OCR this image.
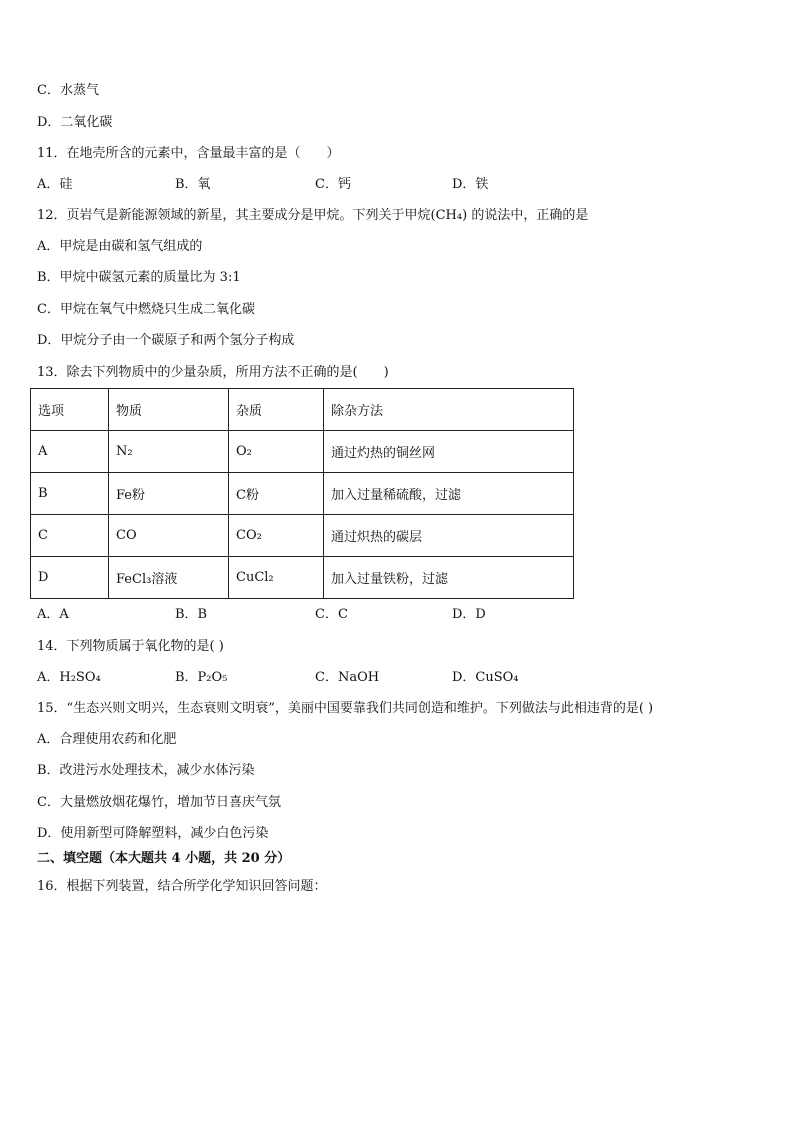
C．水蒸气
D．二氧化碳
11．在地壳所含的元素中，含量最丰富的是（　　）
A．硅	B．氧	C．钙	D．铁
12．页岩气是新能源领域的新星，其主要成分是甲烷。下列关于甲烷(CH₄) 的说法中，正确的是
A．甲烷是由碳和氢气组成的
B．甲烷中碳氢元素的质量比为 3:1
C．甲烷在氧气中燃烧只生成二氧化碳
D．甲烷分子由一个碳原子和两个氢分子构成
13．除去下列物质中的少量杂质，所用方法不正确的是(　　)
选项	物质	杂质	除杂方法
A	N₂	O₂	通过灼热的铜丝网
B	Fe粉	C粉	加入过量稀硫酸，过滤
C	CO	CO₂	通过炽热的碳层
D	FeCl₃溶液	CuCl₂	加入过量铁粉，过滤
A．A	B．B	C．C	D．D
14．下列物质属于氧化物的是( )
A．H₂SO₄	B．P₂O₅	C．NaOH	D．CuSO₄
15．“生态兴则文明兴，生态衰则文明衰”，美丽中国要靠我们共同创造和维护。下列做法与此相违背的是( )
A．合理使用农药和化肥
B．改进污水处理技术，减少水体污染
C．大量燃放烟花爆竹，增加节日喜庆气氛
D．使用新型可降解塑料，减少白色污染
二、填空题（本大题共 4 小题，共 20 分）
16．根据下列装置，结合所学化学知识回答问题：
